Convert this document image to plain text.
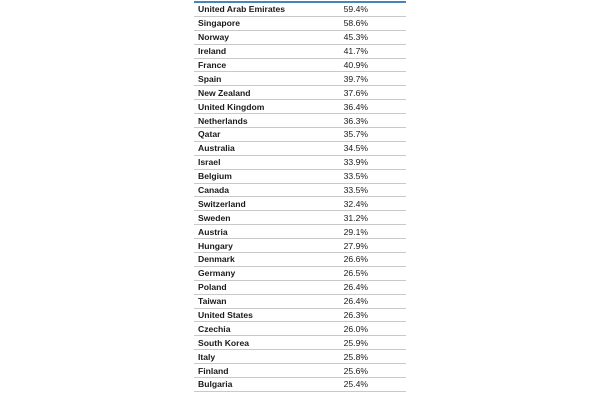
United Arab Emirates	59.4%
Singapore	58.6%
Norway	45.3%
Ireland	41.7%
France	40.9%
Spain	39.7%
New Zealand	37.6%
United Kingdom	36.4%
Netherlands	36.3%
Qatar	35.7%
Australia	34.5%
Israel	33.9%
Belgium	33.5%
Canada	33.5%
Switzerland	32.4%
Sweden	31.2%
Austria	29.1%
Hungary	27.9%
Denmark	26.6%
Germany	26.5%
Poland	26.4%
Taiwan	26.4%
United States	26.3%
Czechia	26.0%
South Korea	25.9%
Italy	25.8%
Finland	25.6%
Bulgaria	25.4%
